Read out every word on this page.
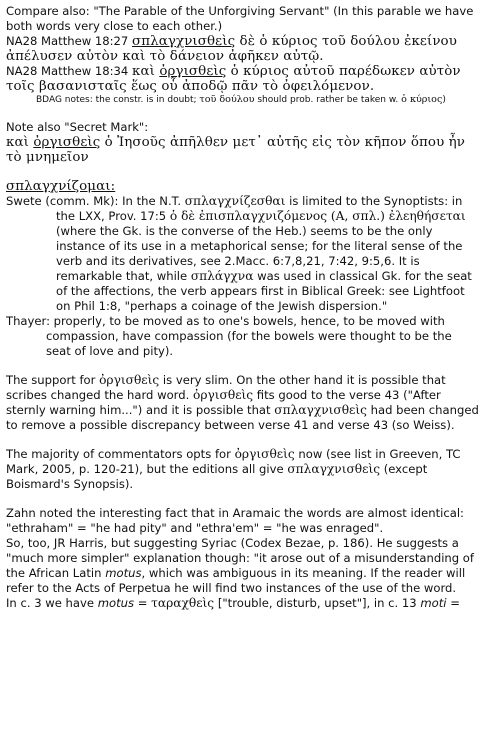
Compare also: "The Parable of the Unforgiving Servant" (In this parable we have
both words very close to each other.)
NA28 Matthew 18:27 σπλαγχνισθεὶς δὲ ὁ κύριος τοῦ δούλου ἐκείνου
ἀπέλυσεν αὐτὸν καὶ τὸ δάνειον ἀφῆκεν αὐτῷ.
NA28 Matthew 18:34 καὶ ὀργισθεὶς ὁ κύριος αὐτοῦ παρέδωκεν αὐτὸν
τοῖς βασανισταῖς ἕως οὗ ἀποδῷ πᾶν τὸ ὀφειλόμενον.
BDAG notes: the constr. is in doubt; τοῦ δούλου should prob. rather be taken w. ὁ κύριος)
Note also "Secret Mark":
καὶ ὀργισθεὶς ὁ Ἰησοῦς ἀπῆλθεν μετ᾿ αὐτῆς εἰς τὸν κῆπον ὅπου ἦν
τὸ μνημεῖον
σπλαγχνίζομαι:
Swete (comm. Mk): In the N.T. σπλαγχνίζεσθαι is limited to the Synoptists: in
the LXX, Prov. 17:5 ὁ δὲ ἐπισπλαγχνιζόμενος (A, σπλ.) ἐλεηθήσεται
(where the Gk. is the converse of the Heb.) seems to be the only
instance of its use in a metaphorical sense; for the literal sense of the
verb and its derivatives, see 2.Macc. 6:7,8,21, 7:42, 9:5,6. It is
remarkable that, while σπλάγχνα was used in classical Gk. for the seat
of the affections, the verb appears first in Biblical Greek: see Lightfoot
on Phil 1:8, "perhaps a coinage of the Jewish dispersion."
Thayer: properly, to be moved as to one's bowels, hence, to be moved with
compassion, have compassion (for the bowels were thought to be the
seat of love and pity).
The support for ὀργισθεὶς is very slim. On the other hand it is possible that
scribes changed the hard word. ὀργισθεὶς fits good to the verse 43 ("After
sternly warning him...") and it is possible that σπλαγχνισθεὶς had been changed
to remove a possible discrepancy between verse 41 and verse 43 (so Weiss).
The majority of commentators opts for ὀργισθεὶς now (see list in Greeven, TC
Mark, 2005, p. 120-21), but the editions all give σπλαγχνισθεὶς (except
Boismard's Synopsis).
Zahn noted the interesting fact that in Aramaic the words are almost identical:
"ethraham" = "he had pity" and "ethra'em" = "he was enraged".
So, too, JR Harris, but suggesting Syriac (Codex Bezae, p. 186). He suggests a
"much more simpler" explanation though: "it arose out of a misunderstanding of
the African Latin motus, which was ambiguous in its meaning. If the reader will
refer to the Acts of Perpetua he will find two instances of the use of the word.
In c. 3 we have motus = ταραχθεὶς ["trouble, disturb, upset"], in c. 13 moti =
